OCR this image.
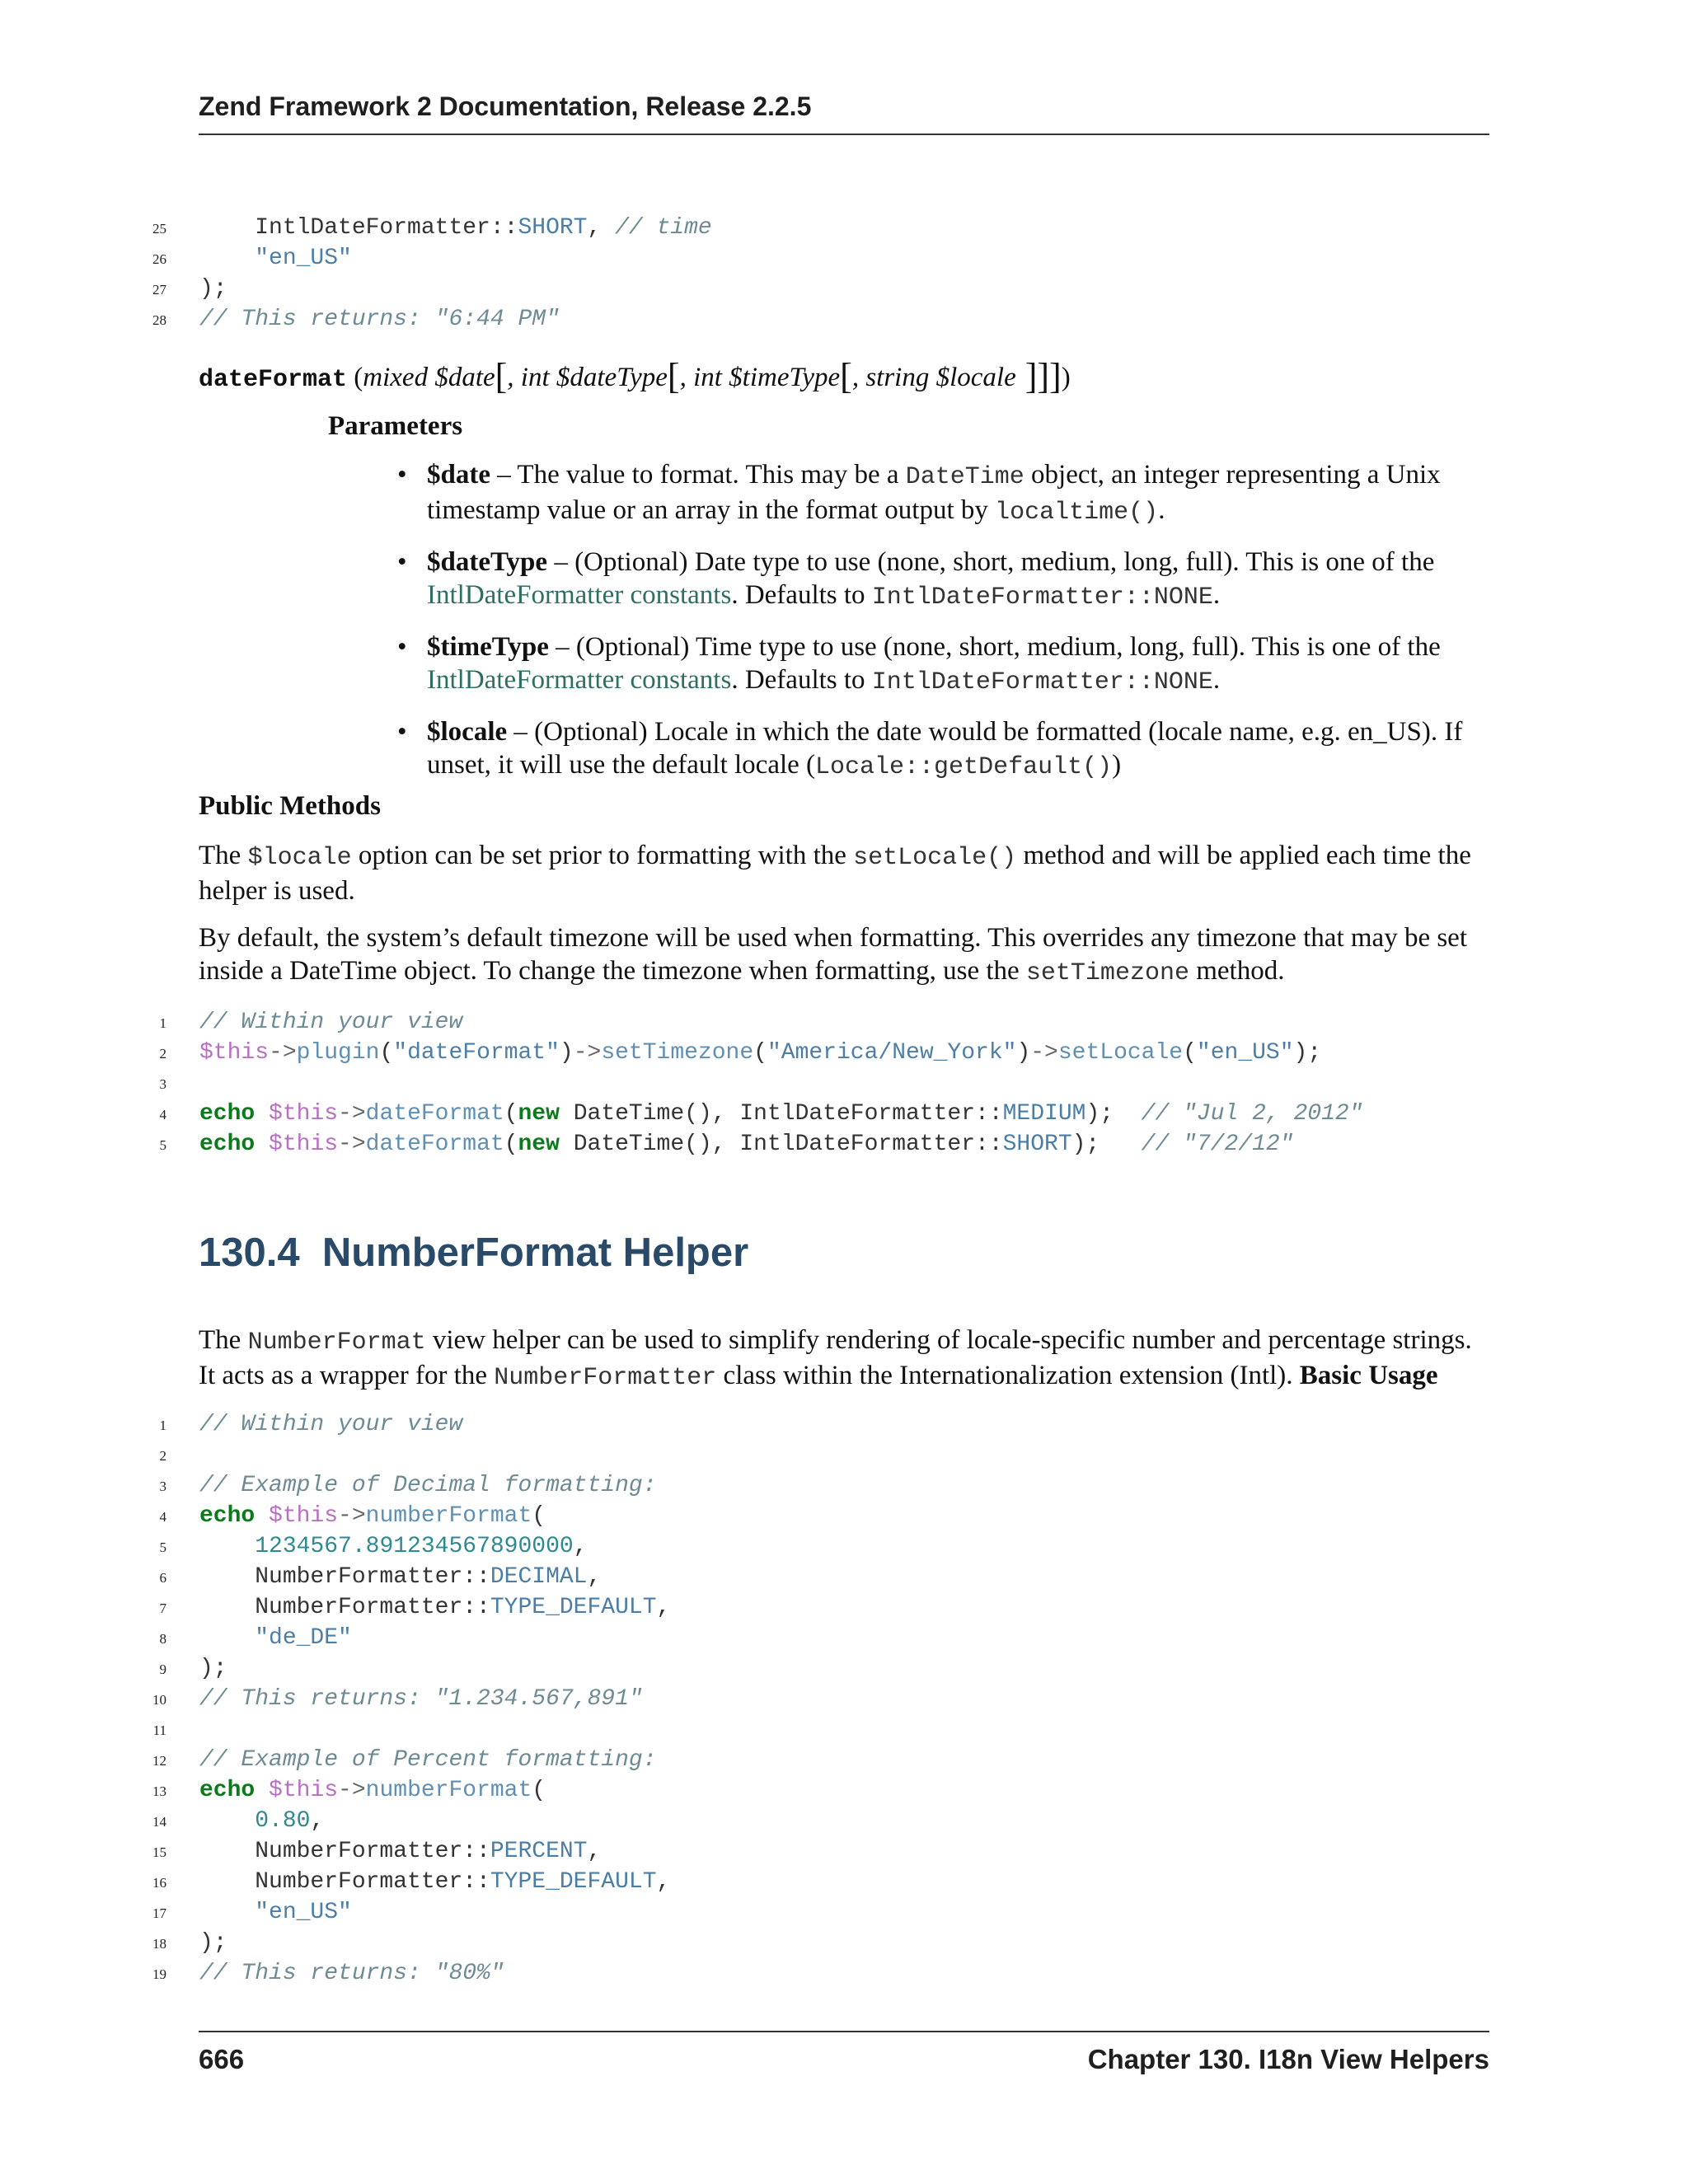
Zend Framework 2 Documentation, Release 2.2.5
25    IntlDateFormatter::SHORT, // time
26	"en_US"
27 );
28 // This returns: "6:44 PM"
dateFormat (mixed $date[, int $dateType[, int $timeType[, string $locale ]]])
Parameters
• $date – The value to format. This may be a DateTime object, an integer representing a Unix timestamp value or an array in the format output by localtime().
• $dateType – (Optional) Date type to use (none, short, medium, long, full). This is one of the IntlDateFormatter constants. Defaults to IntlDateFormatter::NONE.
• $timeType – (Optional) Time type to use (none, short, medium, long, full). This is one of the IntlDateFormatter constants. Defaults to IntlDateFormatter::NONE.
• $locale – (Optional) Locale in which the date would be formatted (locale name, e.g. en_US). If unset, it will use the default locale (Locale::getDefault())
Public Methods
The $locale option can be set prior to formatting with the setLocale() method and will be applied each time the helper is used.
By default, the system’s default timezone will be used when formatting. This overrides any timezone that may be set inside a DateTime object. To change the timezone when formatting, use the setTimezone method.
1 // Within your view
2 $this->plugin("dateFormat")->setTimezone("America/New_York")->setLocale("en_US");
3
4 echo $this->dateFormat(new DateTime(), IntlDateFormatter::MEDIUM);  // "Jul 2, 2012"
5 echo $this->dateFormat(new DateTime(), IntlDateFormatter::SHORT);   // "7/2/12"
130.4 NumberFormat Helper
The NumberFormat view helper can be used to simplify rendering of locale-specific number and percentage strings. It acts as a wrapper for the NumberFormatter class within the Internationalization extension (Intl). Basic Usage
1 // Within your view
2
3 // Example of Decimal formatting:
4 echo $this->numberFormat(
5	1234567.891234567890000,
6    NumberFormatter::DECIMAL,
7    NumberFormatter::TYPE_DEFAULT,
8	"de_DE"
9 );
10 // This returns: "1.234.567,891"
11
12 // Example of Percent formatting:
13 echo $this->numberFormat(
14	0.80,
15    NumberFormatter::PERCENT,
16    NumberFormatter::TYPE_DEFAULT,
17	"en_US"
18 );
19 // This returns: "80%"
666	Chapter 130. I18n View Helpers
